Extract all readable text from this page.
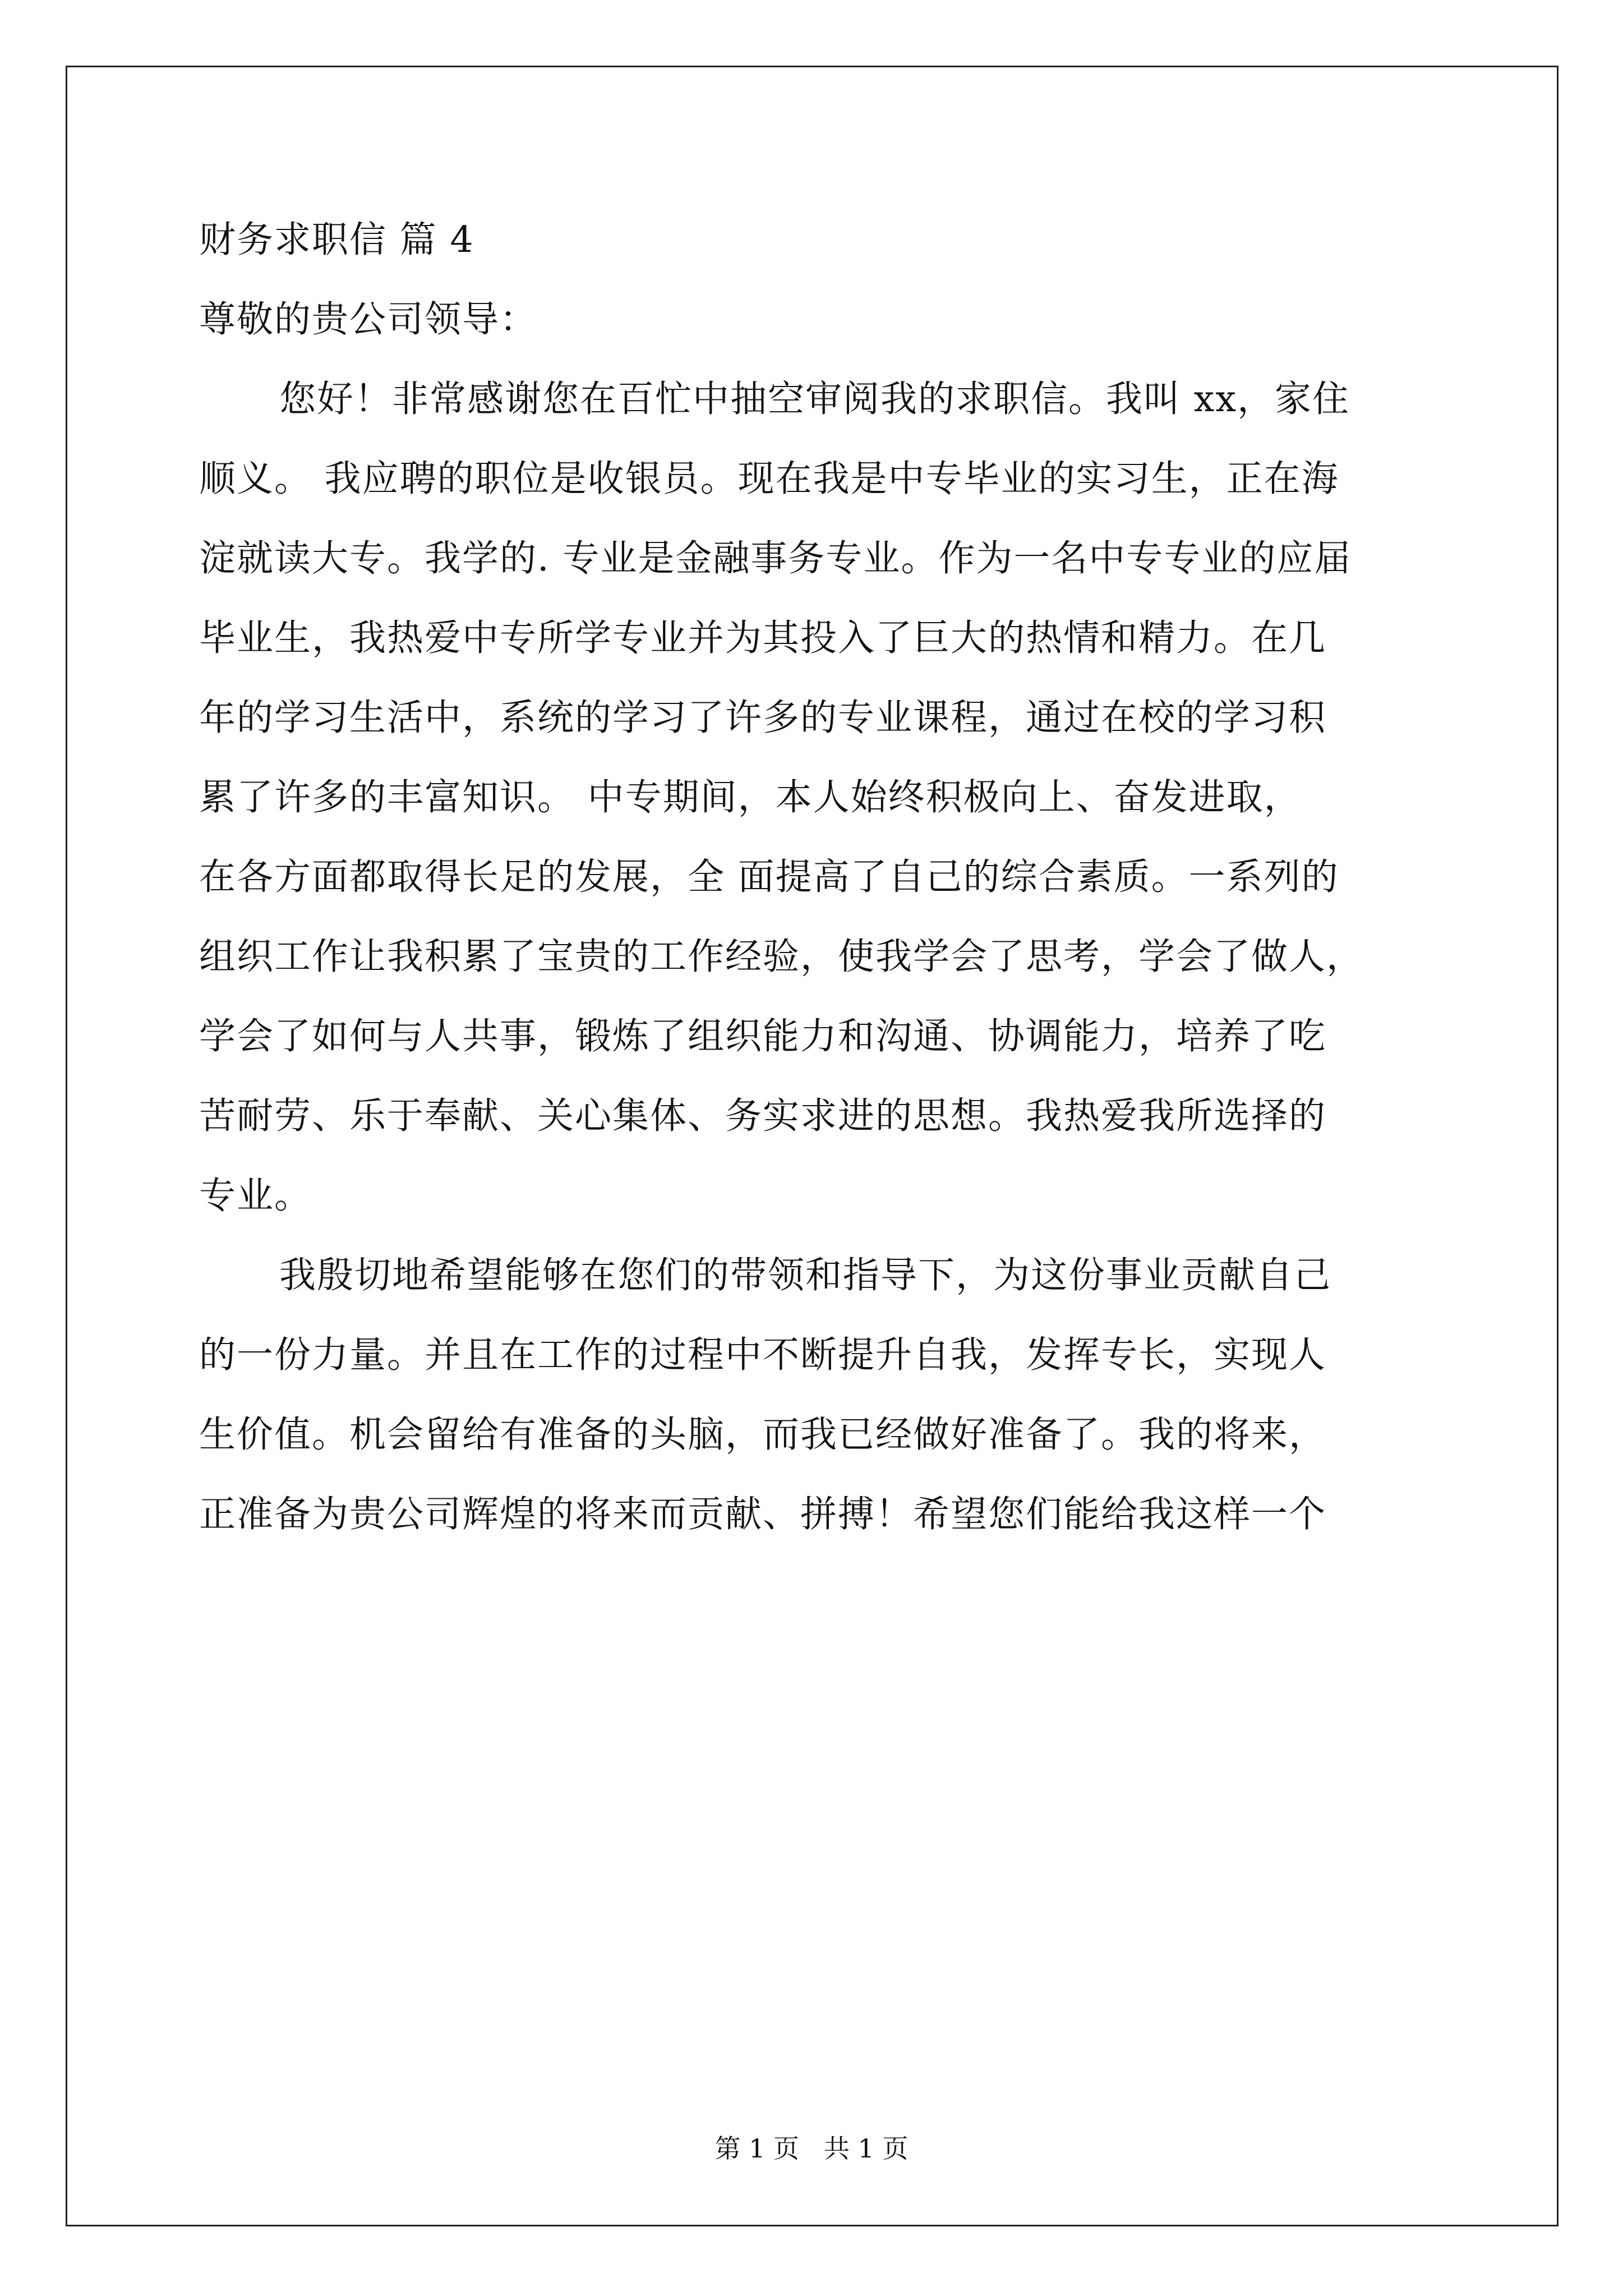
财务求职信 篇 4
尊敬的贵公司领导：
您好！非常感谢您在百忙中抽空审阅我的求职信。我叫 xx，家住
顺义。 我应聘的职位是收银员。现在我是中专毕业的实习生，正在海
淀就读大专。我学的. 专业是金融事务专业。作为一名中专专业的应届
毕业生，我热爱中专所学专业并为其投入了巨大的热情和精力。在几
年的学习生活中，系统的学习了许多的专业课程，通过在校的学习积
累了许多的丰富知识。 中专期间，本人始终积极向上、奋发进取，
在各方面都取得长足的发展，全 面提高了自己的综合素质。一系列的
组织工作让我积累了宝贵的工作经验，使我学会了思考，学会了做人，
学会了如何与人共事，锻炼了组织能力和沟通、协调能力，培养了吃
苦耐劳、乐于奉献、关心集体、务实求进的思想。我热爱我所选择的
专业。
我殷切地希望能够在您们的带领和指导下，为这份事业贡献自己
的一份力量。并且在工作的过程中不断提升自我，发挥专长，实现人
生价值。机会留给有准备的头脑，而我已经做好准备了。我的将来，
正准备为贵公司辉煌的将来而贡献、拼搏！希望您们能给我这样一个
第 1 页 共 1 页
